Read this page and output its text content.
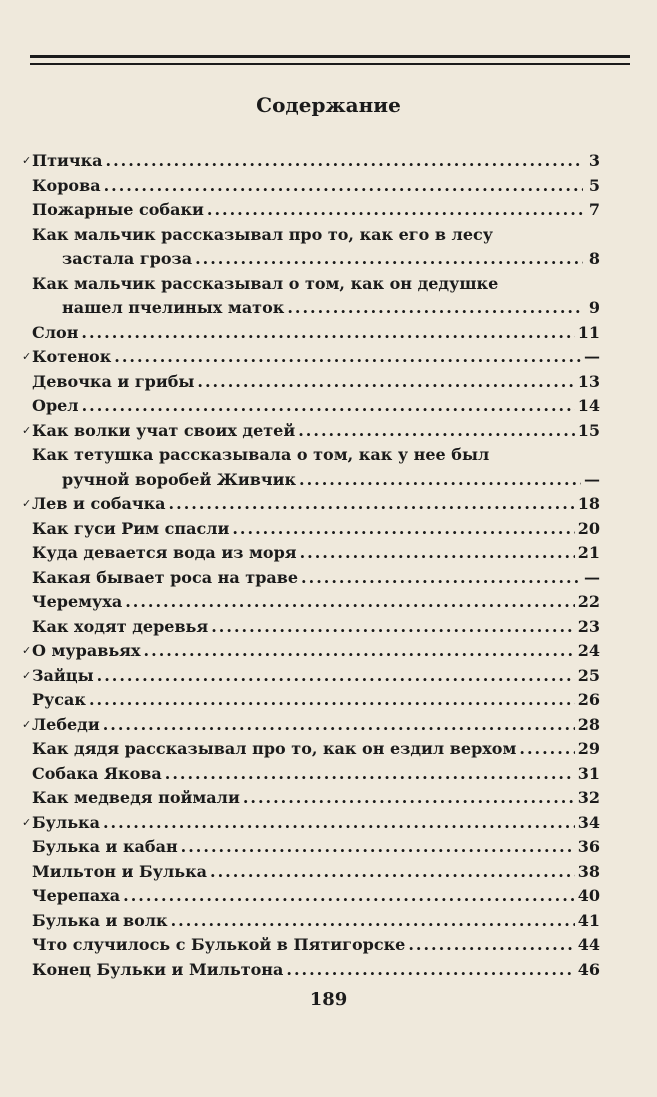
Содержание
Птичка .....	3
✓
Корова .....	5
Пожарные собаки .....	7
Как мальчик рассказывал про то, как его в лесу
застала гроза .....	8
Как мальчик рассказывал о том, как он дедушке
нашел пчелиных маток .....	9
Слон .....	11
Котенок .....	—
✓
Девочка и грибы .....	13
Орел .....	14
Как волки учат своих детей .....	15
✓
Как тетушка рассказывала о том, как у нее был
ручной воробей Живчик .....	—
Лев и собачка .....	18
✓
Как гуси Рим спасли .....	20
Куда девается вода из моря .....	21
Какая бывает роса на траве .....	—
Черемуха .....	22
Как ходят деревья .....	23
О муравьях .....	24
✓
Зайцы .....	25
✓
Русак .....	26
Лебеди .....	28
✓
Как дядя рассказывал про то, как он ездил верхом .....	29
Собака Якова .....	31
Как медведя поймали .....	32
Булька .....	34
✓
Булька и кабан .....	36
Мильтон и Булька .....	38
Черепаха .....	40
Булька и волк .....	41
Что случилось с Булькой в Пятигорске .....	44
Конец Бульки и Мильтона .....	46
189
